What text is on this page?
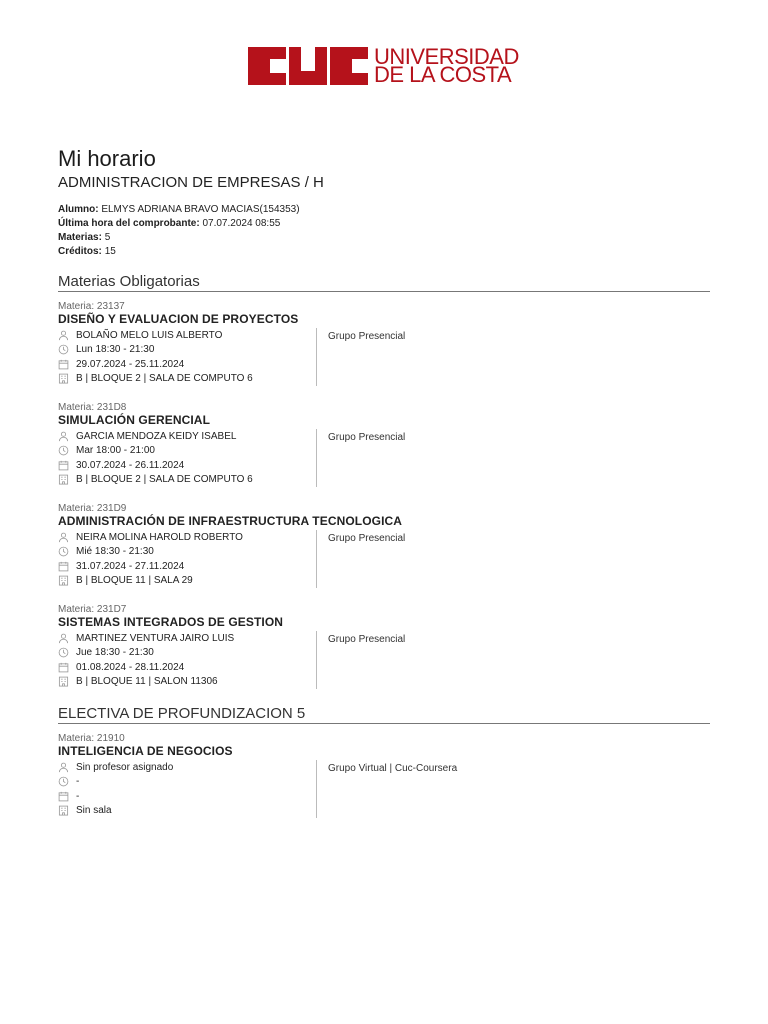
UNIVERSIDAD
DE LA COSTA
Mi horario
ADMINISTRACION DE EMPRESAS / H
Alumno: ELMYS ADRIANA BRAVO MACIAS(154353)
Última hora del comprobante: 07.07.2024 08:55
Materias: 5
Créditos: 15
Materias Obligatorias
Materia: 23137
DISEÑO Y EVALUACION DE PROYECTOS
BOLAÑO MELO LUIS ALBERTO
Lun 18:30 - 21:30
29.07.2024 - 25.11.2024
B | BLOQUE 2 | SALA DE COMPUTO 6
Grupo Presencial
Materia: 231D8
SIMULACIÓN GERENCIAL
GARCIA MENDOZA KEIDY ISABEL
Mar 18:00 - 21:00
30.07.2024 - 26.11.2024
B | BLOQUE 2 | SALA DE COMPUTO 6
Grupo Presencial
Materia: 231D9
ADMINISTRACIÓN DE INFRAESTRUCTURA TECNOLOGICA
NEIRA MOLINA HAROLD ROBERTO
Mié 18:30 - 21:30
31.07.2024 - 27.11.2024
B | BLOQUE 11 | SALA 29
Grupo Presencial
Materia: 231D7
SISTEMAS INTEGRADOS DE GESTION
MARTINEZ VENTURA JAIRO LUIS
Jue 18:30 - 21:30
01.08.2024 - 28.11.2024
B | BLOQUE 11 | SALON 11306
Grupo Presencial
ELECTIVA DE PROFUNDIZACION 5
Materia: 21910
INTELIGENCIA DE NEGOCIOS
Sin profesor asignado
-
-
Sin sala
Grupo Virtual | Cuc-Coursera
